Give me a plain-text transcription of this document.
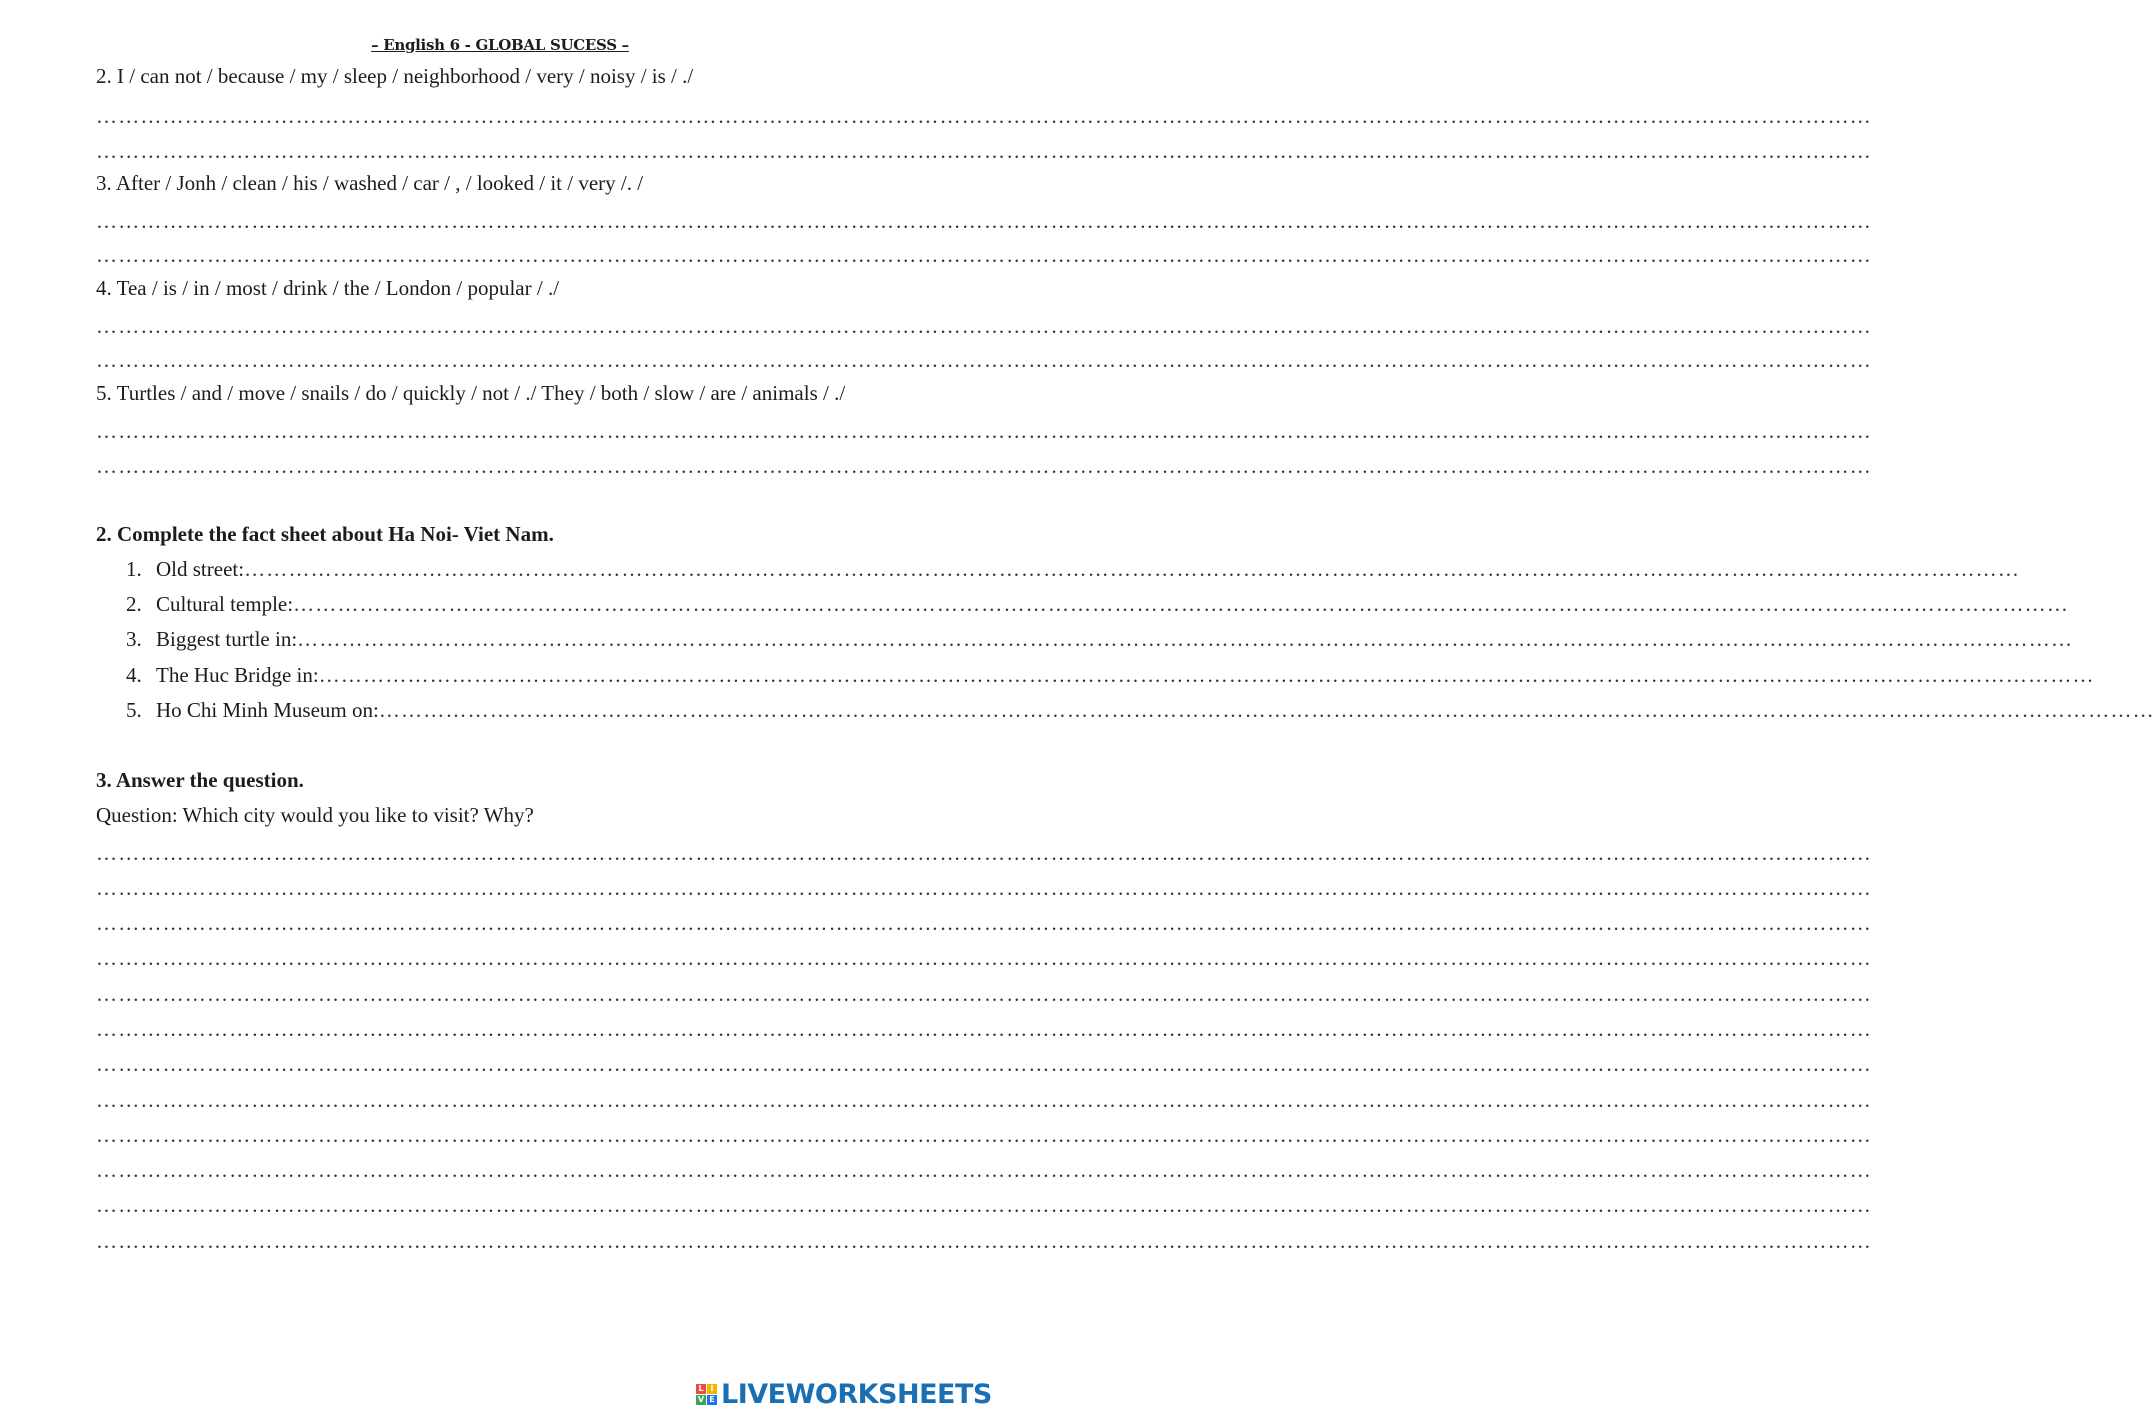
– English 6 - GLOBAL SUCESS –
2. I / can not / because / my / sleep / neighborhood / very / noisy / is / ./
……………………………………………………………………………………………………………………………………………………………………………………………………………………
……………………………………………………………………………………………………………………………………………………………………………………………………………………
3. After / Jonh / clean / his / washed / car / , / looked / it / very /. /
……………………………………………………………………………………………………………………………………………………………………………………………………………………
……………………………………………………………………………………………………………………………………………………………………………………………………………………
4. Tea / is / in / most / drink / the / London / popular / ./
……………………………………………………………………………………………………………………………………………………………………………………………………………………
……………………………………………………………………………………………………………………………………………………………………………………………………………………
5. Turtles / and / move / snails / do / quickly / not / ./ They / both / slow / are / animals / ./
……………………………………………………………………………………………………………………………………………………………………………………………………………………
……………………………………………………………………………………………………………………………………………………………………………………………………………………
2. Complete the fact sheet about Ha Noi- Viet Nam.
1. Old street: ……………………………………………………………………………………………………………………………………………………………………………………………………………………
2. Cultural temple: ……………………………………………………………………………………………………………………………………………………………………………………………………………………
3. Biggest turtle in: ……………………………………………………………………………………………………………………………………………………………………………………………………………………
4. The Huc Bridge in: ……………………………………………………………………………………………………………………………………………………………………………………………………………………
5. Ho Chi Minh Museum on: ……………………………………………………………………………………………………………………………………………………………………………………………………………………
3. Answer the question.
Question: Which city would you like to visit? Why?
……………………………………………………………………………………………………………………………………………………………………………………………………………………
……………………………………………………………………………………………………………………………………………………………………………………………………………………
……………………………………………………………………………………………………………………………………………………………………………………………………………………
……………………………………………………………………………………………………………………………………………………………………………………………………………………
……………………………………………………………………………………………………………………………………………………………………………………………………………………
……………………………………………………………………………………………………………………………………………………………………………………………………………………
……………………………………………………………………………………………………………………………………………………………………………………………………………………
……………………………………………………………………………………………………………………………………………………………………………………………………………………
……………………………………………………………………………………………………………………………………………………………………………………………………………………
……………………………………………………………………………………………………………………………………………………………………………………………………………………
……………………………………………………………………………………………………………………………………………………………………………………………………………………
……………………………………………………………………………………………………………………………………………………………………………………………………………………
L I
V E LIVEWORKSHEETS
